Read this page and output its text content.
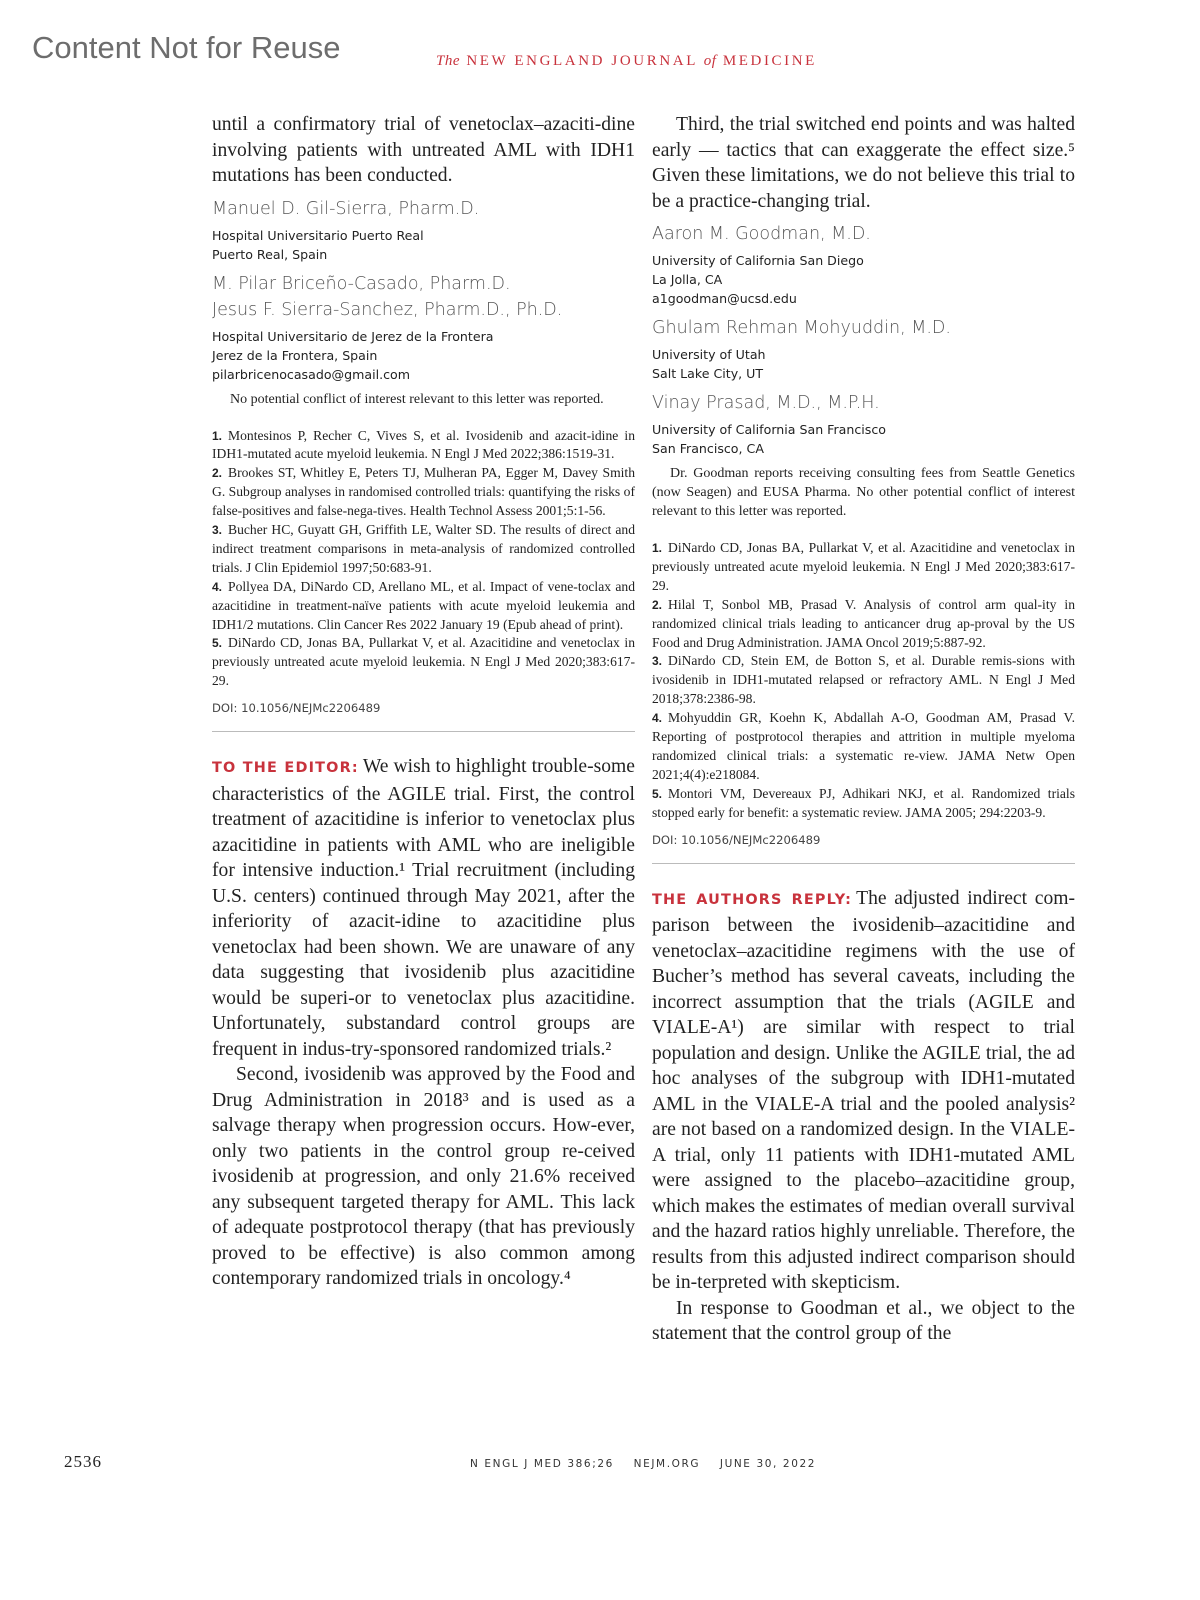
Content Not for Reuse	The NEW ENGLAND JOURNAL of MEDICINE

until a confirmatory trial of venetoclax–azaciti-dine involving patients with untreated AML with IDH1 mutations has been conducted.

Manuel D. Gil-Sierra, Pharm.D.
Hospital Universitario Puerto Real
Puerto Real, Spain
M. Pilar Briceño-Casado, Pharm.D.
Jesus F. Sierra-Sanchez, Pharm.D., Ph.D.
Hospital Universitario de Jerez de la Frontera
Jerez de la Frontera, Spain
pilarbricenocasado@gmail.com

No potential conflict of interest relevant to this letter was reported.

1. Montesinos P, Recher C, Vives S, et al. Ivosidenib and azacit-idine in IDH1-mutated acute myeloid leukemia. N Engl J Med 2022;386:1519-31.

2. Brookes ST, Whitley E, Peters TJ, Mulheran PA, Egger M, Davey Smith G. Subgroup analyses in randomised controlled trials: quantifying the risks of false-positives and false-nega-tives. Health Technol Assess 2001;5:1-56.

3. Bucher HC, Guyatt GH, Griffith LE, Walter SD. The results of direct and indirect treatment comparisons in meta-analysis of randomized controlled trials. J Clin Epidemiol 1997;50:683-91.

4. Pollyea DA, DiNardo CD, Arellano ML, et al. Impact of vene-toclax and azacitidine in treatment-naïve patients with acute myeloid leukemia and IDH1/2 mutations. Clin Cancer Res 2022 January 19 (Epub ahead of print).

5. DiNardo CD, Jonas BA, Pullarkat V, et al. Azacitidine and venetoclax in previously untreated acute myeloid leukemia. N Engl J Med 2020;383:617-29.

DOI: 10.1056/NEJMc2206489

TO THE EDITOR: We wish to highlight trouble-some characteristics of the AGILE trial. First, the control treatment of azacitidine is inferior to venetoclax plus azacitidine in patients with AML who are ineligible for intensive induction.¹ Trial recruitment (including U.S. centers) continued through May 2021, after the inferiority of azacit-idine to azacitidine plus venetoclax had been shown. We are unaware of any data suggesting that ivosidenib plus azacitidine would be superi-or to venetoclax plus azacitidine. Unfortunately, substandard control groups are frequent in indus-try-sponsored randomized trials.²

Second, ivosidenib was approved by the Food and Drug Administration in 2018³ and is used as a salvage therapy when progression occurs. How-ever, only two patients in the control group re-ceived ivosidenib at progression, and only 21.6% received any subsequent targeted therapy for AML. This lack of adequate postprotocol therapy (that has previously proved to be effective) is also common among contemporary randomized trials in oncology.⁴

Third, the trial switched end points and was halted early — tactics that can exaggerate the effect size.⁵ Given these limitations, we do not believe this trial to be a practice-changing trial.

Aaron M. Goodman, M.D.
University of California San Diego
La Jolla, CA
a1goodman@ucsd.edu
Ghulam Rehman Mohyuddin, M.D.
University of Utah
Salt Lake City, UT
Vinay Prasad, M.D., M.P.H.
University of California San Francisco
San Francisco, CA

Dr. Goodman reports receiving consulting fees from Seattle Genetics (now Seagen) and EUSA Pharma. No other potential conflict of interest relevant to this letter was reported.

1. DiNardo CD, Jonas BA, Pullarkat V, et al. Azacitidine and venetoclax in previously untreated acute myeloid leukemia. N Engl J Med 2020;383:617-29.

2. Hilal T, Sonbol MB, Prasad V. Analysis of control arm qual-ity in randomized clinical trials leading to anticancer drug ap-proval by the US Food and Drug Administration. JAMA Oncol 2019;5:887-92.

3. DiNardo CD, Stein EM, de Botton S, et al. Durable remis-sions with ivosidenib in IDH1-mutated relapsed or refractory AML. N Engl J Med 2018;378:2386-98.

4. Mohyuddin GR, Koehn K, Abdallah A-O, Goodman AM, Prasad V. Reporting of postprotocol therapies and attrition in multiple myeloma randomized clinical trials: a systematic re-view. JAMA Netw Open 2021;4(4):e218084.

5. Montori VM, Devereaux PJ, Adhikari NKJ, et al. Randomized trials stopped early for benefit: a systematic review. JAMA 2005; 294:2203-9.

DOI: 10.1056/NEJMc2206489

THE AUTHORS REPLY: The adjusted indirect com-parison between the ivosidenib–azacitidine and venetoclax–azacitidine regimens with the use of Bucher’s method has several caveats, including the incorrect assumption that the trials (AGILE and VIALE-A¹) are similar with respect to trial population and design. Unlike the AGILE trial, the ad hoc analyses of the subgroup with IDH1-mutated AML in the VIALE-A trial and the pooled analysis² are not based on a randomized design. In the VIALE-A trial, only 11 patients with IDH1-mutated AML were assigned to the placebo–azacitidine group, which makes the estimates of median overall survival and the hazard ratios highly unreliable. Therefore, the results from this adjusted indirect comparison should be in-terpreted with skepticism.

In response to Goodman et al., we object to the statement that the control group of the

2536	N ENGL J MED 386;26    NEJM.ORG    JUNE 30, 2022
